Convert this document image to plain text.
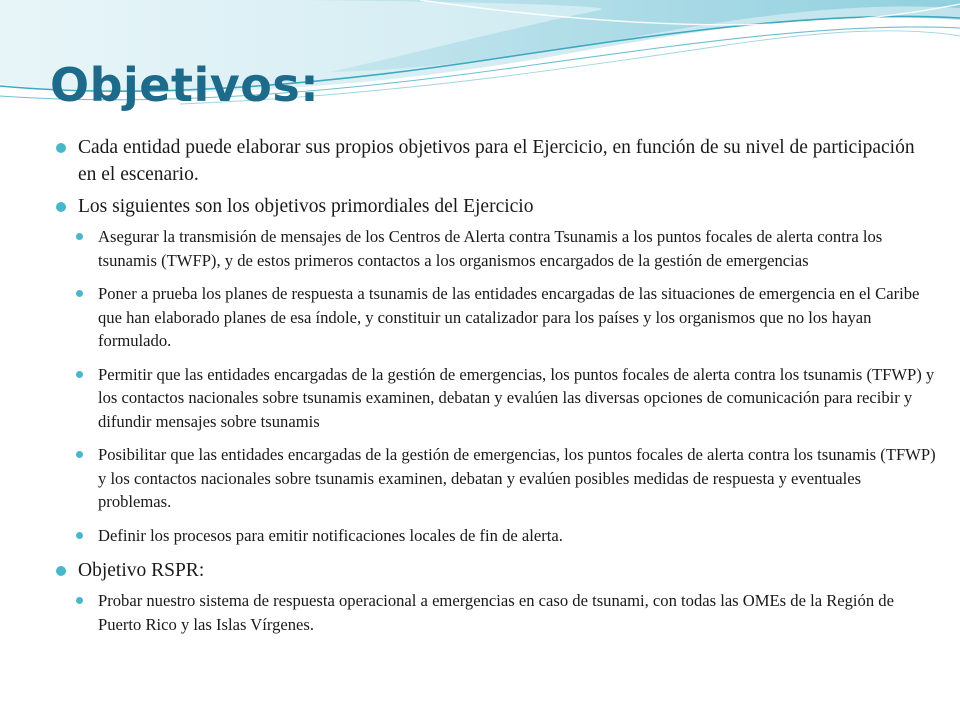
Objetivos:
Cada entidad puede elaborar sus propios objetivos para el Ejercicio, en función de su nivel de participación en el escenario.
Los siguientes son los objetivos primordiales del Ejercicio
Asegurar la transmisión de mensajes de los Centros de Alerta contra Tsunamis a los puntos focales de alerta contra los tsunamis (TWFP), y de estos primeros contactos a los organismos encargados de la gestión de emergencias
Poner a prueba los planes de respuesta a tsunamis de las entidades encargadas de las situaciones de emergencia en el Caribe que han elaborado planes de esa índole, y constituir un catalizador para los países y los organismos que no los hayan formulado.
Permitir que las entidades encargadas de la gestión de emergencias, los puntos focales de alerta contra los tsunamis (TFWP) y los contactos nacionales sobre tsunamis examinen, debatan y evalúen las diversas opciones de comunicación para recibir y difundir mensajes sobre tsunamis
Posibilitar que las entidades encargadas de la gestión de emergencias, los puntos focales de alerta contra los tsunamis (TFWP) y los contactos nacionales sobre tsunamis examinen, debatan y evalúen posibles medidas de respuesta y eventuales problemas.
Definir los procesos para emitir notificaciones locales de fin de alerta.
Objetivo RSPR:
Probar nuestro sistema de respuesta operacional a emergencias en caso de tsunami, con todas las OMEs de la Región de Puerto Rico y las Islas Vírgenes.
